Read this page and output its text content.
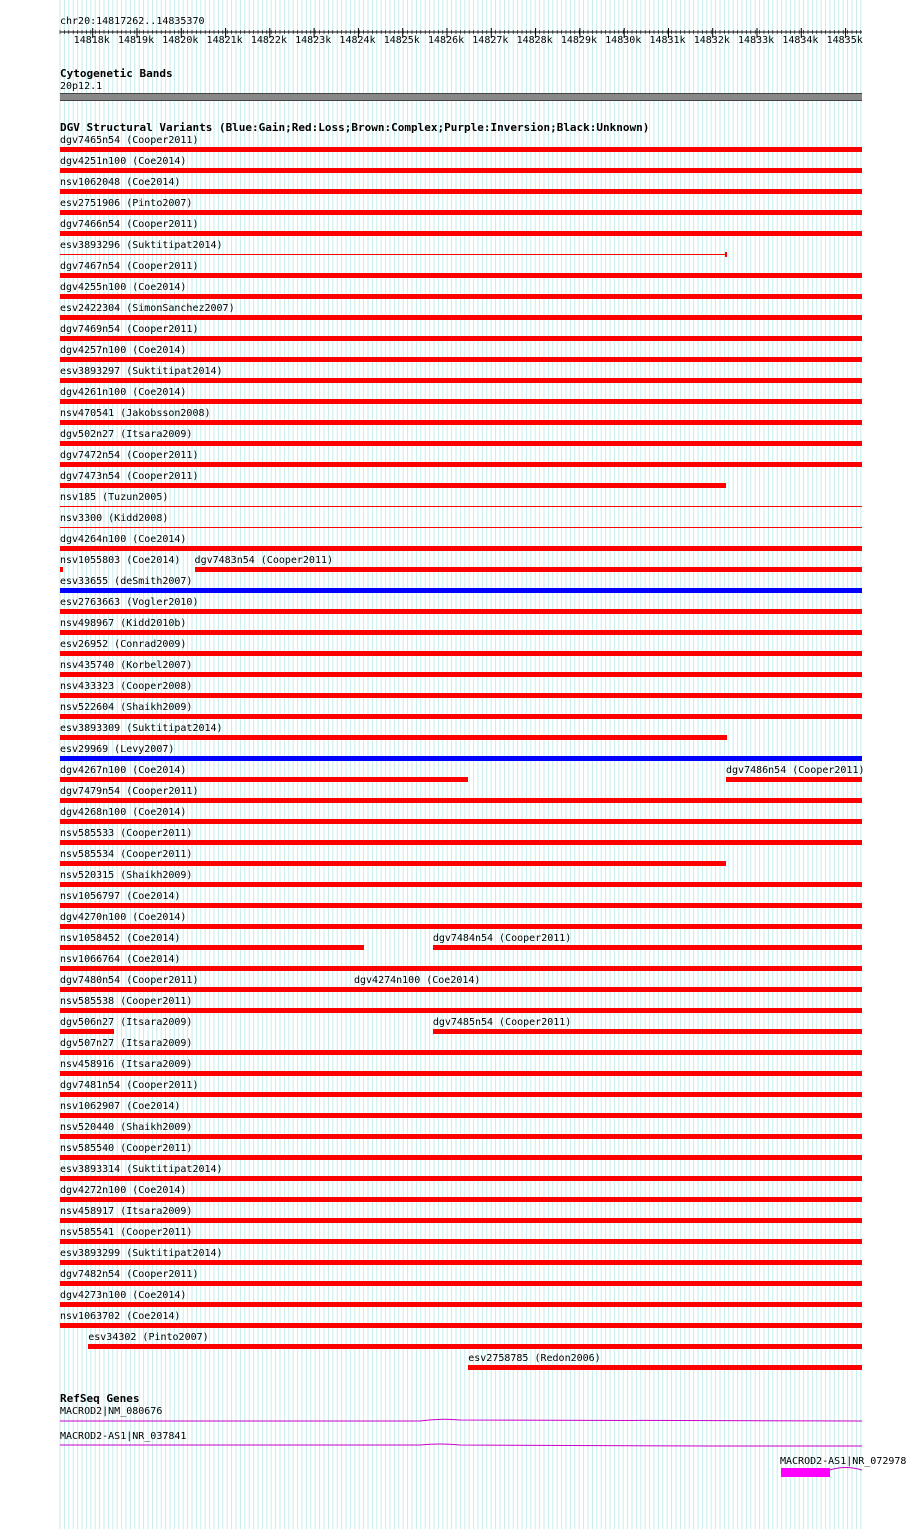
chr20:14817262..14835370
14818k 14819k 14820k 14821k 14822k 14823k 14824k 14825k 14826k 14827k 14828k 14829k 14830k 14831k 14832k 14833k 14834k 14835k
Cytogenetic Bands
20p12.1
DGV Structural Variants (Blue:Gain;Red:Loss;Brown:Complex;Purple:Inversion;Black:Unknown)
dgv7465n54 (Cooper2011)
dgv4251n100 (Coe2014)
nsv1062048 (Coe2014)
esv2751906 (Pinto2007)
dgv7466n54 (Cooper2011)
esv3893296 (Suktitipat2014)
dgv7467n54 (Cooper2011)
dgv4255n100 (Coe2014)
esv2422304 (SimonSanchez2007)
dgv7469n54 (Cooper2011)
dgv4257n100 (Coe2014)
esv3893297 (Suktitipat2014)
dgv4261n100 (Coe2014)
nsv470541 (Jakobsson2008)
dgv502n27 (Itsara2009)
dgv7472n54 (Cooper2011)
dgv7473n54 (Cooper2011)
nsv185 (Tuzun2005)
nsv3300 (Kidd2008)
dgv4264n100 (Coe2014)
nsv1055803 (Coe2014) dgv7483n54 (Cooper2011)
esv33655 (deSmith2007)
esv2763663 (Vogler2010)
nsv498967 (Kidd2010b)
esv26952 (Conrad2009)
nsv435740 (Korbel2007)
nsv433323 (Cooper2008)
nsv522604 (Shaikh2009)
esv3893309 (Suktitipat2014)
esv29969 (Levy2007)
dgv4267n100 (Coe2014)	dgv7486n54 (Cooper2011)
dgv7479n54 (Cooper2011)
dgv4268n100 (Coe2014)
nsv585533 (Cooper2011)
nsv585534 (Cooper2011)
nsv520315 (Shaikh2009)
nsv1056797 (Coe2014)
dgv4270n100 (Coe2014)
nsv1058452 (Coe2014)	dgv7484n54 (Cooper2011)
nsv1066764 (Coe2014)
dgv7480n54 (Cooper2011)	dgv4274n100 (Coe2014)
nsv585538 (Cooper2011)
dgv506n27 (Itsara2009)	dgv7485n54 (Cooper2011)
dgv507n27 (Itsara2009)
nsv458916 (Itsara2009)
dgv7481n54 (Cooper2011)
nsv1062907 (Coe2014)
nsv520440 (Shaikh2009)
nsv585540 (Cooper2011)
esv3893314 (Suktitipat2014)
dgv4272n100 (Coe2014)
nsv458917 (Itsara2009)
nsv585541 (Cooper2011)
esv3893299 (Suktitipat2014)
dgv7482n54 (Cooper2011)
dgv4273n100 (Coe2014)
nsv1063702 (Coe2014)
esv34302 (Pinto2007)
esv2758785 (Redon2006)
RefSeq Genes
MACROD2|NM_080676
MACROD2-AS1|NR_037841
MACROD2-AS1|NR_072978
